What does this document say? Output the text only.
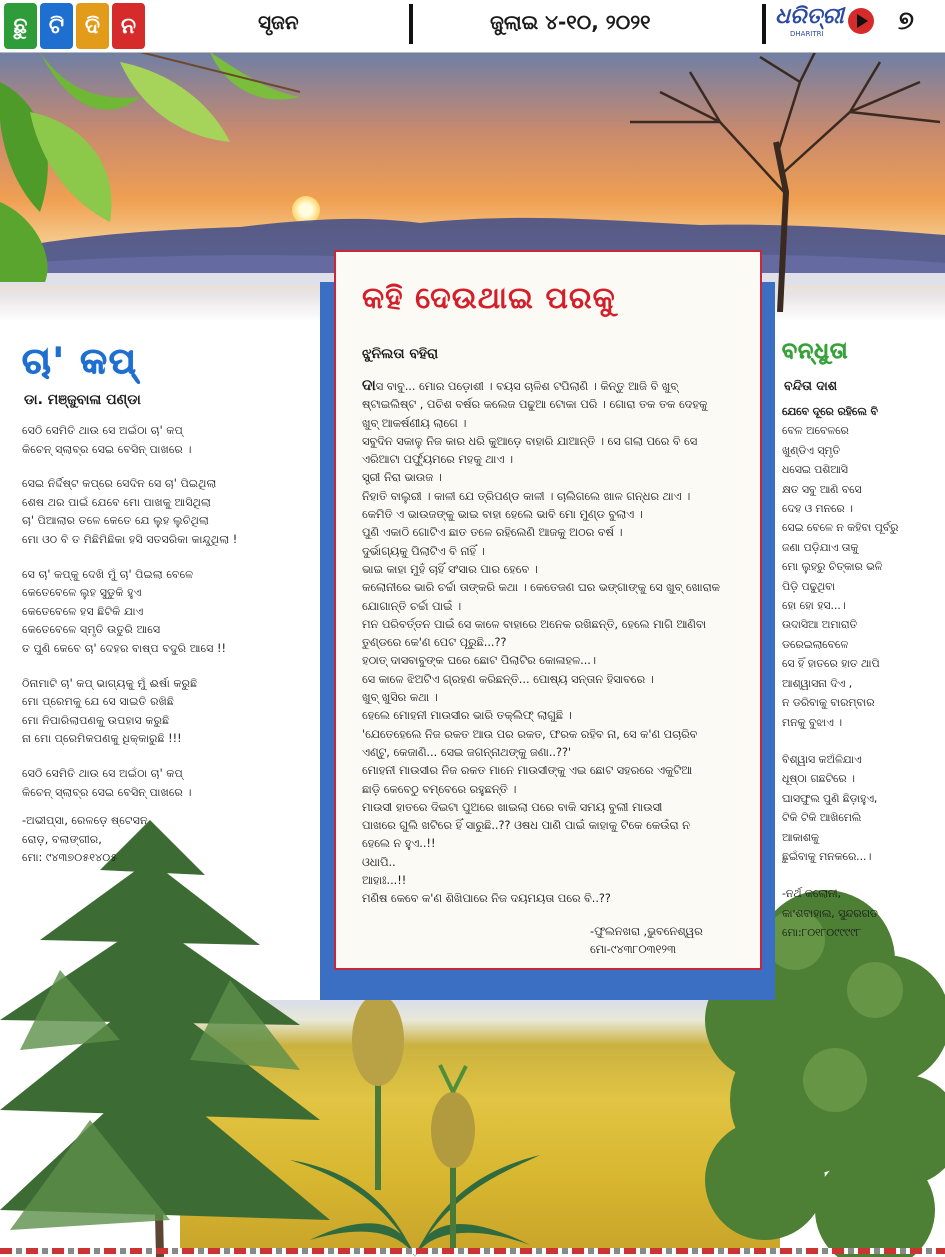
ଛୁ ଟି ଦି ନ	ସୃଜନ	ଜୁଲାଇ ୪-୧୦, ୨୦୨୧	ଧରିତ୍ରୀ
DHARITRI	୭
ଚା' କପ୍
ଡା. ମଞ୍ଜୁବାଳା ପଣ୍ଡା
ସେଠି ସେମିତି ଥାଉ ସେ ଅଇଁଠା ଚା' କପ୍
କିଚେନ୍ ସ୍ଲାବ୍ର ସେଇ ବେସିନ୍ ପାଖରେ ।
ସେଇ ନିର୍ଦ୍ଦିଷ୍ଟ କପ୍‌ରେ ସେଦିନ ସେ ଚା' ପିଇଥିଲା
ଶେଷ ଥର ପାଇଁ ଯେବେ ମୋ ପାଖକୁ ଆସିଥିଲା
ଚା' ପିଆଲାର ତଳେ କେତେ ଯେ ଲୁହ ଲୁଚିଥିଲା
ମୋ ଓଠ ବି ତ ମିଛିମିଛିକା ହସି ସତସରିକା କାନ୍ଦୁଥିଲା !
ସେ ଚା' କପ୍‌କୁ ଦେଖି ମୁଁ ଚା' ପିଇଲା ବେଳେ
କେତେବେଳେ ଲୁହ ସୁଡୁକି ହୁଏ
କେତେବେଳେ ହସ ଛିଟିକି ଯାଏ
କେତେବେଳେ ସ୍ମୃତି ଉତୁରି ଆସେ
ତ ପୁଣି କେବେ ଚା' ଦେହର ବାଷ୍ପ ବଦୁରି ଆସେ !!
ଠିନାମାଟି ଚା' କପ୍ ଭାଗ୍ୟକୁ ମୁଁ ଈର୍ଷା କରୁଛି
ମୋ ପ୍ରେମକୁ ଯେ ସେ ସାଇତି ରଖିଛି
ମୋ ନିପାରିଲାପଣକୁ ଉପହାସ କରୁଛି
ନା ମୋ ପ୍ରେମିକପଣକୁ ଧିକ୍କାରୁଛି !!!
ସେଠି ସେମିତି ଥାଉ ସେ ଅଇଁଠା ଚା' କପ୍
କିଚେନ୍ ସ୍ଲାବ୍ର ସେଇ ବେସିନ୍ ପାଖରେ ।
-ଅଭୀପ୍ସା, ରେଳଡ଼େ ଷ୍ଟେସନ
ରୋଡ଼, ବଲାଙ୍ଗୀର,
ମୋ: ୯୪୩୭୦୫୧୪୦୫
କହି ଦେଉଥାଇ ପରକୁ
ଝୁନିଲତା ବହିରା
ଦାସ ବାବୁ... ମୋର ପଡ଼ୋଶୀ । ବୟସ ଚାଳିଶ ଟପିଲାଣି । କିନ୍ତୁ ଆଜି ବି ଖୁବ୍
ଷ୍ଟାଇଲିଷ୍ଟ , ପଚିଶ ବର୍ଷର କଲେଜ ପଢୁଆ ଟୋକା ପରି । ଗୋରା ତକ ତକ ଦେହକୁ
ଖୁବ୍ ଆକର୍ଷଣୀୟ ଲାଗେ ।
ସବୁଦିନ ସକାଳୁ ନିଜ କାର ଧରି କୁଆଡ଼େ ବାହାରି ଯାଆନ୍ତି । ସେ ଗଲା ପରେ ବି ସେ
ଏରିଆଟା ପର୍ଫ୍ୟୁମରେ ମହକୁ ଥାଏ ।
ସ୍ତ୍ରୀ ନିରା ଭାଉଜ ।
ନିହାତି ବାଲୁରୀ । କାଳୀ ଯେ ତ୍ରିପଣ୍ଡ କାଳୀ । ଚାଲିଗଲେ ଖାଳ ଗନ୍ଧର ଥାଏ ।
କେମିତି ଏ ଭାଉଜଙ୍କୁ ଭାଇ ବାହା ହେଲେ ଭାବି ମୋ ମୁଣ୍ଡ ବୁଲାଏ ।
ପୁଣି ଏକାଠି ଗୋଟିଏ ଛାତ ତଳେ ରହିଲେଣି ଆଜକୁ ଅଠର ବର୍ଷ ।
ଦୁର୍ଭାଗ୍ୟକୁ ପିଲାଟିଏ ବି ନାହିଁ ।
ଭାଇ କାହା ମୁହଁ ଚାହିଁ ସଂସାର ପାର ହେବେ ।
କଲୋନୀରେ ଭାରି ଚର୍ଚ୍ଚା ତାଙ୍କରି କଥା । କେତେଜଣ ଘର ଭଙ୍ଗାଙ୍କୁ ସେ ଖୁବ୍ ଖୋରାକ
ଯୋଗାନ୍ତି ଚର୍ଚ୍ଚା ପାଇଁ ।
ମନ ପରିବର୍ତ୍ତନ ପାଇଁ ସେ କାଳେ ବାହାରେ ଅନେକ ରଖିଛନ୍ତି, ହେଲେ ମାଗି ଆଣିବା
ତୁଣ୍ଡରେ କେ'ଣ ପେଟ ପୂରୁଛି...??
ହଠାତ୍ ଦାସବାବୁଙ୍କ ଘରେ ଛୋଟ ପିଲାଟିର କୋଳାହଳ...।
ସେ କାଳେ ଝିଅଟିଏ ଗ୍ରହଣ କରିଛନ୍ତି... ପୋଷ୍ୟ ସନ୍ତାନ ହିସାବରେ ।
ଖୁବ୍ ଖୁସିର କଥା ।
ହେଲେ ମୋହନୀ ମାଉସୀର ଭାରି ତକ୍ଲିଫ୍ ଲାଗୁଛି ।
'ଯେତେହେଲେ ନିଜ ରକତ ଆଉ ପର ରକତ, ଫରକ ରହିବ ନା, ସେ କ'ଣ ପଚାରିବ
ଏଣ୍ଟୁ, କେଜାଣି... ସେଇ ଜଗନ୍ନାଥଙ୍କୁ ଜଣା..??'
ମୋହନୀ ମାଉସୀର ନିଜ ରକତ ମାନେ ମାଉସୀଙ୍କୁ ଏଇ ଛୋଟ ସହରରେ ଏକୁଟିଆ
ଛାଡ଼ି କେବେଠୁ ବମ୍ବେରେ ରହୁଛନ୍ତି ।
ମାଉସୀ ହାତରେ ଦିଇଟା ପୁଅରେ ଖାଇଲା ପରେ ବାକି ସମୟ ବୁଲୀ ମାଉସୀ
ପାଖରେ ଗୁଲି ଖଟିରେ ହିଁ ସାରୁଛି..?? ଓଷଧ ପାଣି ପାଇଁ କାହାକୁ ଟିକେ କେଉଁରା ନ
ହେଲେ ନ ହୁଏ..!!
ଓଧାପି..
ଆହାଃ...!!
ମଣିଷ କେବେ କ'ଣ ଶିଖିପାରେ ନିଜ ଦୟମୟତା ପରେ ବି..??
-ଫୁଲନଖରା ,ଭୁବନେଶ୍ୱର
ମୋ-୯୪୩୮୦୩୧୨୩
ବନ୍ଧୁତା
ବନ୍ଦିତା ଦାଶ
ଯେବେ ଦୂରେ ରହିଲେ ବି
ବେଳ ଅବେଳରେ
ଖୁଣ୍ଡିଏ ସ୍ମୃତି
ଧସେଇ ପଶିଆସି
କ୍ଷତ ସବୁ ଆଣି ବସେ
ଦେହ ଓ ମନରେ ।
ସେଇ ବେଳେ ନ କହିବା ପୂର୍ବରୁ
ଜଣା ପଡ଼ିଯାଏ ତାକୁ
ମୋ ଲୁହରୁ ଚିତ୍କାର ଭଳି
ପିଡ଼ି ପଢୁଥିବା
ହୋ ହୋ ହସ...।
ଉଦାସିଆ ଅମାରାତି
ଡରେଇଲାବେଳେ
ସେ ହିଁ ହାତରେ ହାତ ଥାପି
ଆଶ୍ୱାସନା ଦିଏ ,
ନ ଡରିବାକୁ ବାରମ୍ବାର
ମନକୁ ବୁଝାଏ ।
ବିଶ୍ୱାସ କଅଁଳିଯାଏ
ଧୂଷ୍ଠା ଗଛଟିରେ ।
ଘାସଫୁଲ ପୁଣି ଛିଡ଼ାହୁଏ,
ଟିକି ଟିକି ଆଖିମେଲି
ଆକାଶକୁ
ଛୁଇଁବାକୁ ମନକରେ...।
-ନର୍ଥ କଲୋନୀ,
କାଂଶବାହାଲ, ସୁନ୍ଦରଗଡ
ମୋ:୮୦୧୮୦୯୯୯୯୮
